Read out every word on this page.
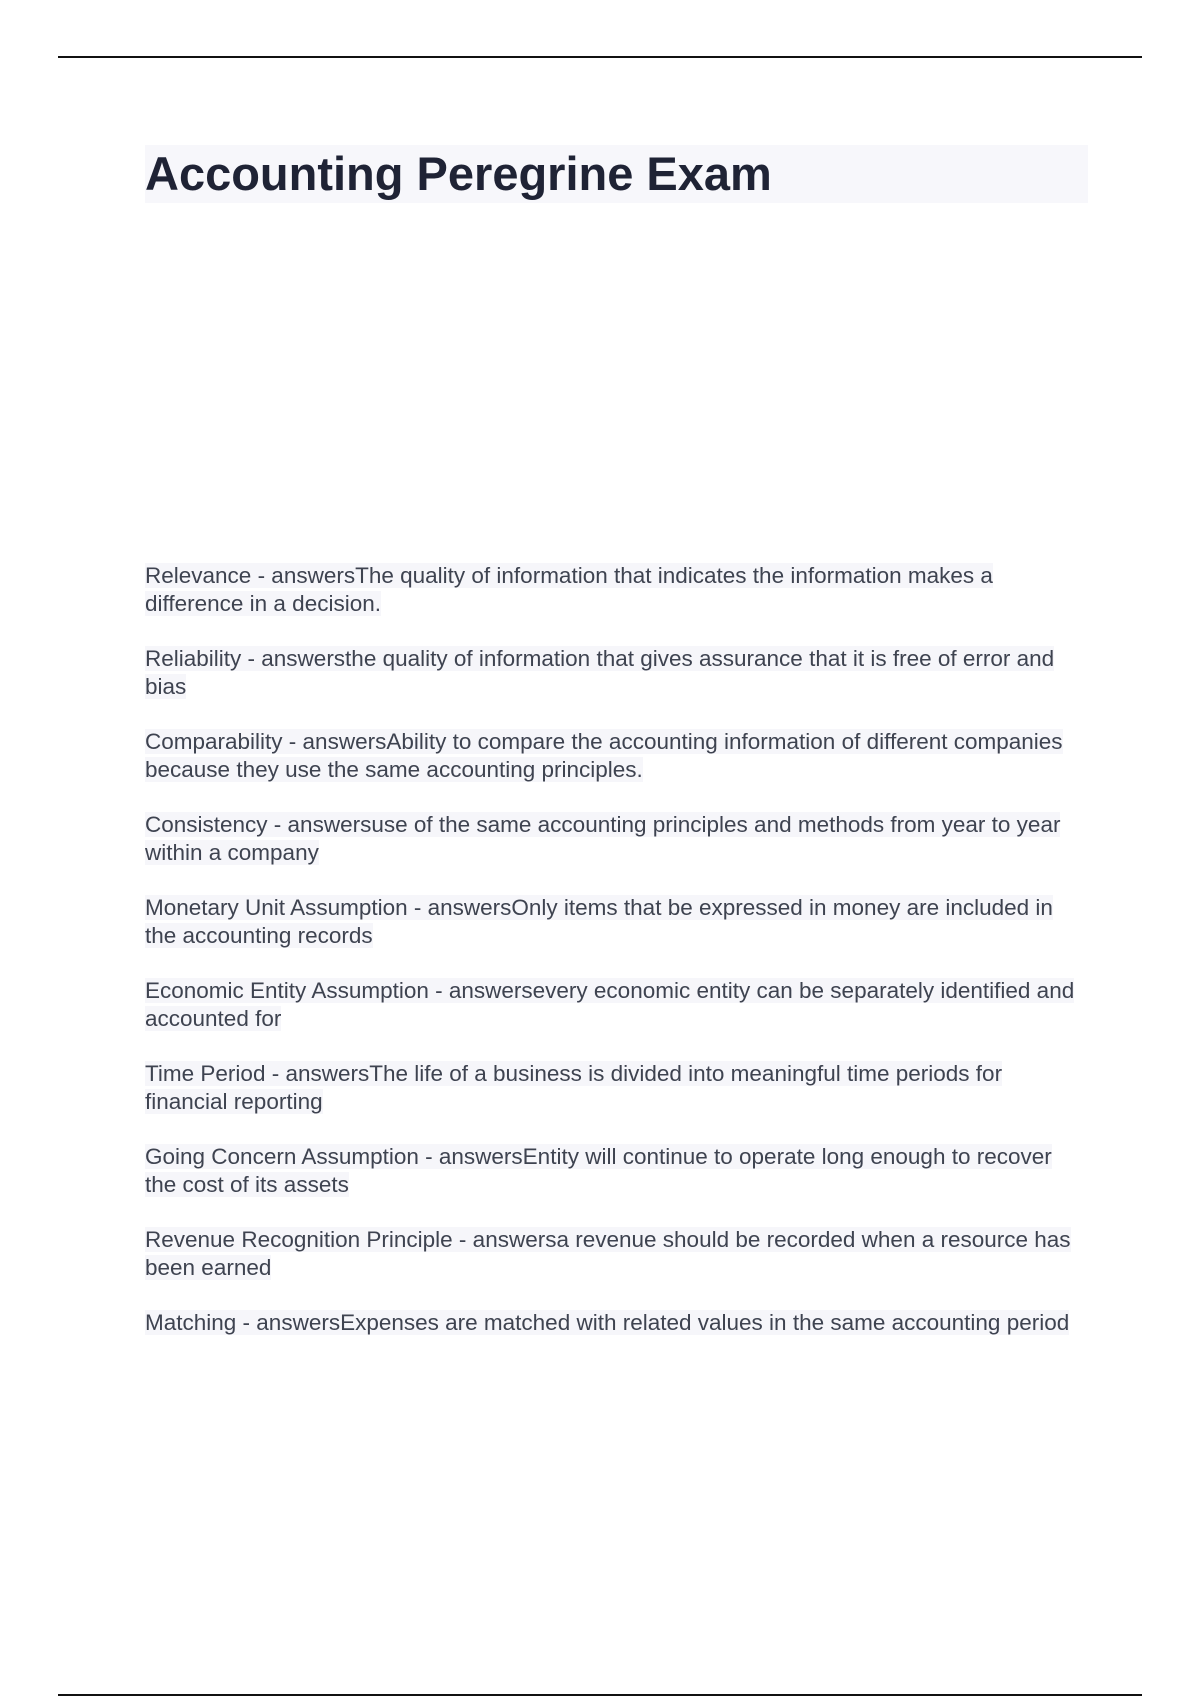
Accounting Peregrine Exam
Relevance - answersThe quality of information that indicates the information makes a difference in a decision.
Reliability - answersthe quality of information that gives assurance that it is free of error and bias
Comparability - answersAbility to compare the accounting information of different companies because they use the same accounting principles.
Consistency - answersuse of the same accounting principles and methods from year to year within a company
Monetary Unit Assumption - answersOnly items that be expressed in money are included in the accounting records
Economic Entity Assumption - answersevery economic entity can be separately identified and accounted for
Time Period - answersThe life of a business is divided into meaningful time periods for financial reporting
Going Concern Assumption - answersEntity will continue to operate long enough to recover the cost of its assets
Revenue Recognition Principle - answersa revenue should be recorded when a resource has been earned
Matching - answersExpenses are matched with related values in the same accounting period
